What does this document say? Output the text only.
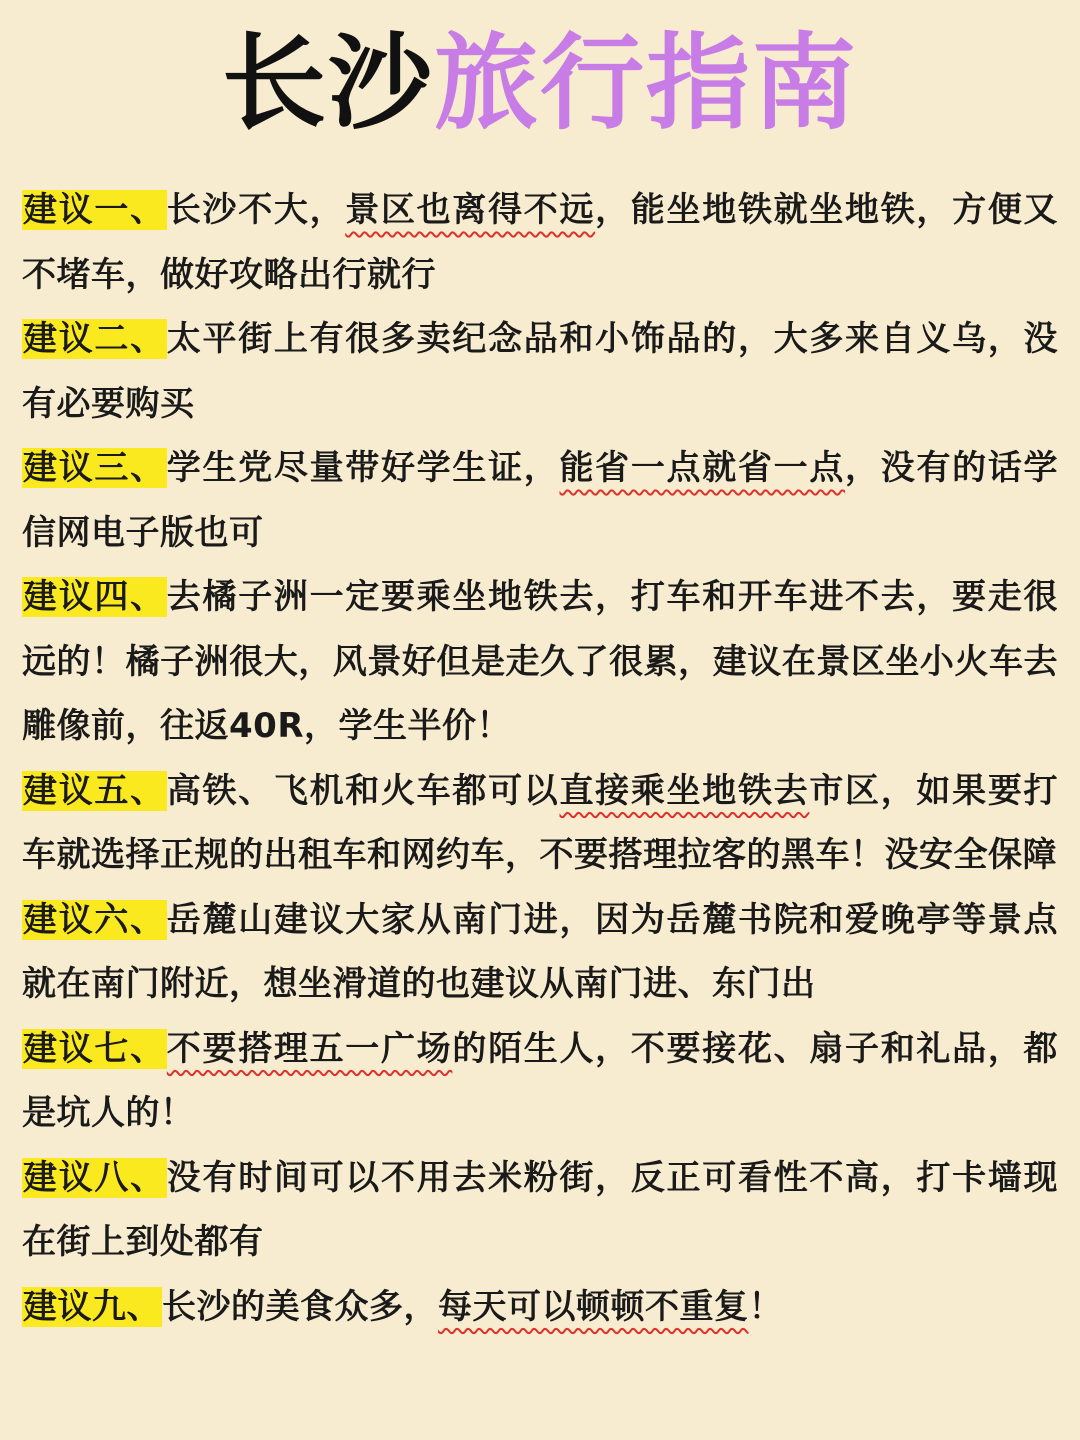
长沙旅行指南
建议一、长沙不大，景区也离得不远，能坐地铁就坐地铁，方便又不堵车，做好攻略出行就行
建议二、太平街上有很多卖纪念品和小饰品的，大多来自义乌，没有必要购买
建议三、学生党尽量带好学生证，能省一点就省一点，没有的话学信网电子版也可
建议四、去橘子洲一定要乘坐地铁去，打车和开车进不去，要走很远的！橘子洲很大，风景好但是走久了很累，建议在景区坐小火车去雕像前，往返40R，学生半价！
建议五、高铁、飞机和火车都可以直接乘坐地铁去市区，如果要打车就选择正规的出租车和网约车，不要搭理拉客的黑车！没安全保障
建议六、岳麓山建议大家从南门进，因为岳麓书院和爱晚亭等景点就在南门附近，想坐滑道的也建议从南门进、东门出
建议七、不要搭理五一广场的陌生人，不要接花、扇子和礼品，都是坑人的！
建议八、没有时间可以不用去米粉街，反正可看性不高，打卡墙现在街上到处都有
建议九、长沙的美食众多，每天可以顿顿不重复！
